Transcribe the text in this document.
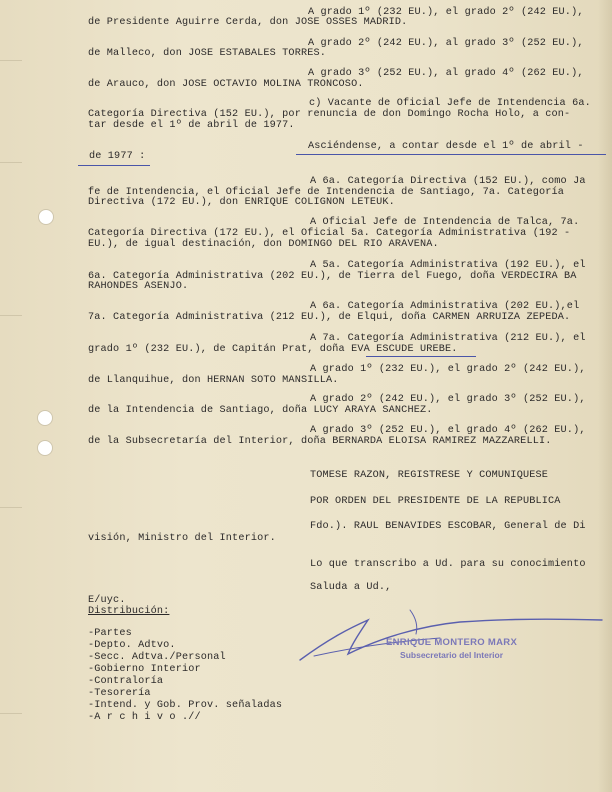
A grado 1º (232 EU.), el grado 2º (242 EU.),
de Presidente Aguirre Cerda, don JOSE OSSES MADRID.
A grado 2º (242 EU.), al grado 3º (252 EU.),
de Malleco, don JOSE ESTABALES TORRES.
A grado 3º (252 EU.), al grado 4º (262 EU.),
de Arauco, don JOSE OCTAVIO MOLINA TRONCOSO.
c) Vacante de Oficial Jefe de Intendencia 6a.
Categoría Directiva (152 EU.), por renuncia de don Domingo Rocha Holo, a con-
tar desde el 1º de abril de 1977.
Asciéndense, a contar desde el 1º de abril -
de 1977 :
A 6a. Categoría Directiva (152 EU.), como Ja
fe de Intendencia, el Oficial Jefe de Intendencia de Santiago, 7a. Categoría
Directiva (172 EU.), don ENRIQUE COLIGNON LETEUK.
A Oficial Jefe de Intendencia de Talca, 7a.
Categoría Directiva (172 EU.), el Oficial 5a. Categoría Administrativa (192 -
EU.), de igual destinación, don DOMINGO DEL RIO ARAVENA.
A 5a. Categoría Administrativa (192 EU.), el
6a. Categoría Administrativa (202 EU.), de Tierra del Fuego, doña VERDECIRA BA
RAHONDES ASENJO.
A 6a. Categoría Administrativa (202 EU.),el
7a. Categoría Administrativa (212 EU.), de Elqui, doña CARMEN ARRUIZA ZEPEDA.
A 7a. Categoría Administrativa (212 EU.), el
grado 1º (232 EU.), de Capitán Prat, doña EVA ESCUDE UREBE.
A grado 1º (232 EU.), el grado 2º (242 EU.),
de Llanquihue, don HERNAN SOTO MANSILLA.
A grado 2º (242 EU.), el grado 3º (252 EU.),
de la Intendencia de Santiago, doña LUCY ARAYA SANCHEZ.
A grado 3º (252 EU.), el grado 4º (262 EU.),
de la Subsecretaría del Interior, doña BERNARDA ELOISA RAMIREZ MAZZARELLI.
TOMESE RAZON, REGISTRESE Y COMUNIQUESE
POR ORDEN DEL PRESIDENTE DE LA REPUBLICA
Fdo.). RAUL BENAVIDES ESCOBAR, General de Di
visión, Ministro del Interior.
Lo que transcribo a Ud. para su conocimiento
Saluda a Ud.,
E/uyc.
Distribución:
-Partes
-Depto. Adtvo.
-Secc. Adtva./Personal
-Gobierno Interior
-Contraloría
-Tesorería
-Intend. y Gob. Prov. señaladas
-A r c h i v o .//
ENRIQUE MONTERO MARX
Subsecretario del Interior
